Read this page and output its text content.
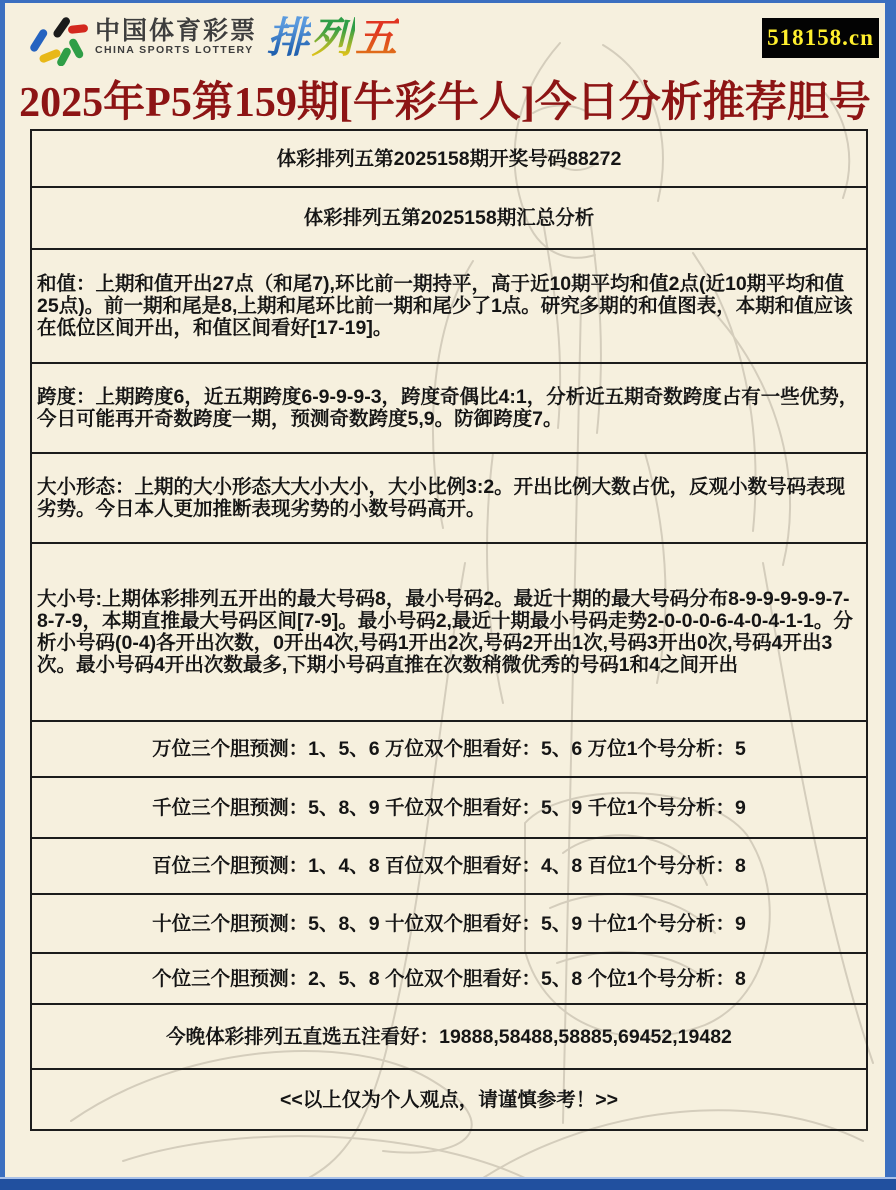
中国体育彩票
CHINA SPORTS LOTTERY 排列五	518158.cn
2025年P5第159期[牛彩牛人]今日分析推荐胆号
体彩排列五第2025158期开奖号码88272
体彩排列五第2025158期汇总分析
和值：上期和值开出27点（和尾7),环比前一期持平，高于近10期平均和值2点(近10期平均和值25点)。前一期和尾是8,上期和尾环比前一期和尾少了1点。研究多期的和值图表，本期和值应该在低位区间开出，和值区间看好[17-19]。
跨度：上期跨度6，近五期跨度6-9-9-9-3，跨度奇偶比4:1，分析近五期奇数跨度占有一些优势，今日可能再开奇数跨度一期，预测奇数跨度5,9。防御跨度7。
大小形态：上期的大小形态大大小大小，大小比例3:2。开出比例大数占优，反观小数号码表现劣势。今日本人更加推断表现劣势的小数号码高开。
大小号:上期体彩排列五开出的最大号码8，最小号码2。最近十期的最大号码分布8-9-9-9-9-9-7-8-7-9，本期直推最大号码区间[7-9]。最小号码2,最近十期最小号码走势2-0-0-0-6-4-0-4-1-1。分析小号码(0-4)各开出次数，0开出4次,号码1开出2次,号码2开出1次,号码3开出0次,号码4开出3次。最小号码4开出次数最多,下期小号码直推在次数稍微优秀的号码1和4之间开出
万位三个胆预测：1、5、6 万位双个胆看好：5、6 万位1个号分析：5
千位三个胆预测：5、8、9 千位双个胆看好：5、9 千位1个号分析：9
百位三个胆预测：1、4、8 百位双个胆看好：4、8 百位1个号分析：8
十位三个胆预测：5、8、9 十位双个胆看好：5、9 十位1个号分析：9
个位三个胆预测：2、5、8 个位双个胆看好：5、8 个位1个号分析：8
今晚体彩排列五直选五注看好：19888,58488,58885,69452,19482
<<以上仅为个人观点，请谨慎参考！>>
